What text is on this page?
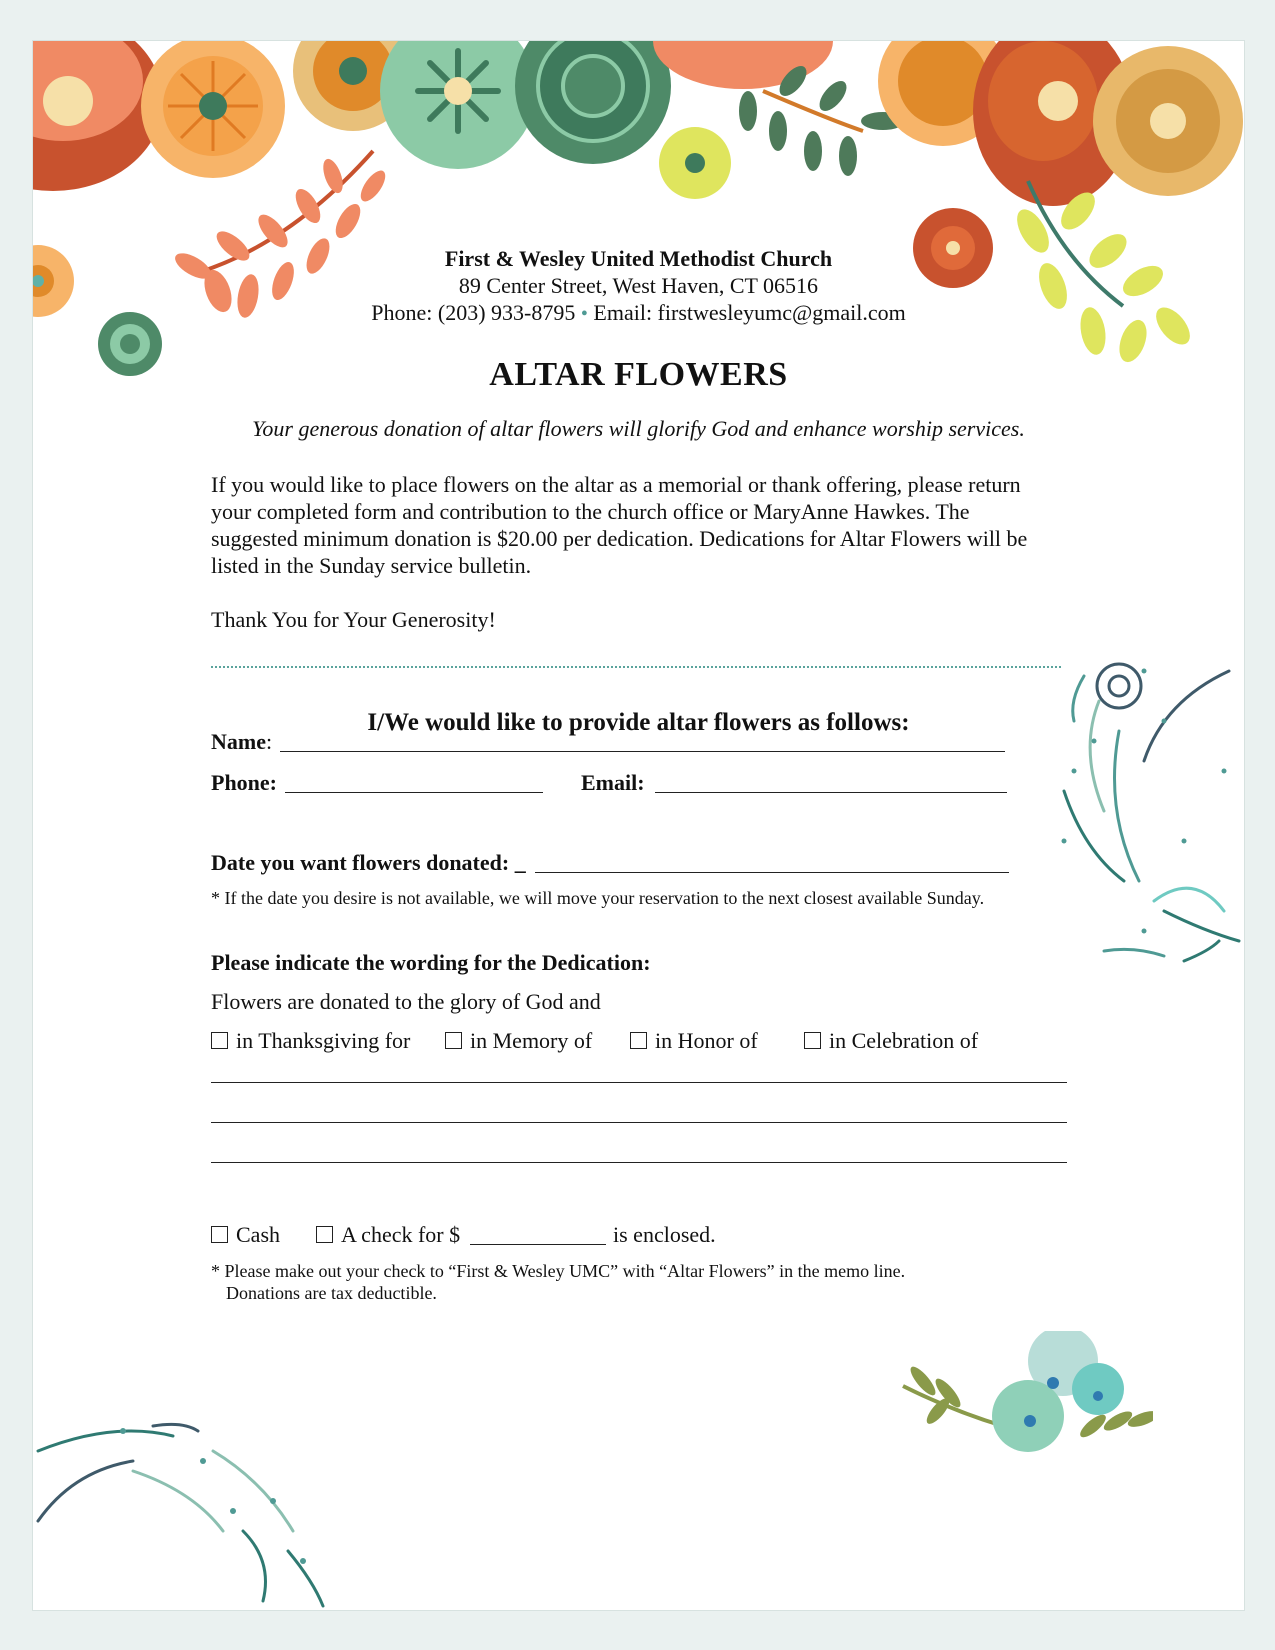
First & Wesley United Methodist Church
89 Center Street, West Haven, CT 06516
Phone: (203) 933-8795 • Email: firstwesleyumc@gmail.com
ALTAR FLOWERS
Your generous donation of altar flowers will glorify God and enhance worship services.
If you would like to place flowers on the altar as a memorial or thank offering, please return your completed form and contribution to the church office or MaryAnne Hawkes. The suggested minimum donation is $20.00 per dedication. Dedications for Altar Flowers will be listed in the Sunday service bulletin.
Thank You for Your Generosity!
I/We would like to provide altar flowers as follows:
Name:
Phone:	Email:
Date you want flowers donated: _
* If the date you desire is not available, we will move your reservation to the next closest available Sunday.
Please indicate the wording for the Dedication:
Flowers are donated to the glory of God and
in Thanksgiving for	in Memory of	in Honor of	in Celebration of
Cash	A check for $	is enclosed.
* Please make out your check to “First & Wesley UMC” with “Altar Flowers” in the memo line.
Donations are tax deductible.
